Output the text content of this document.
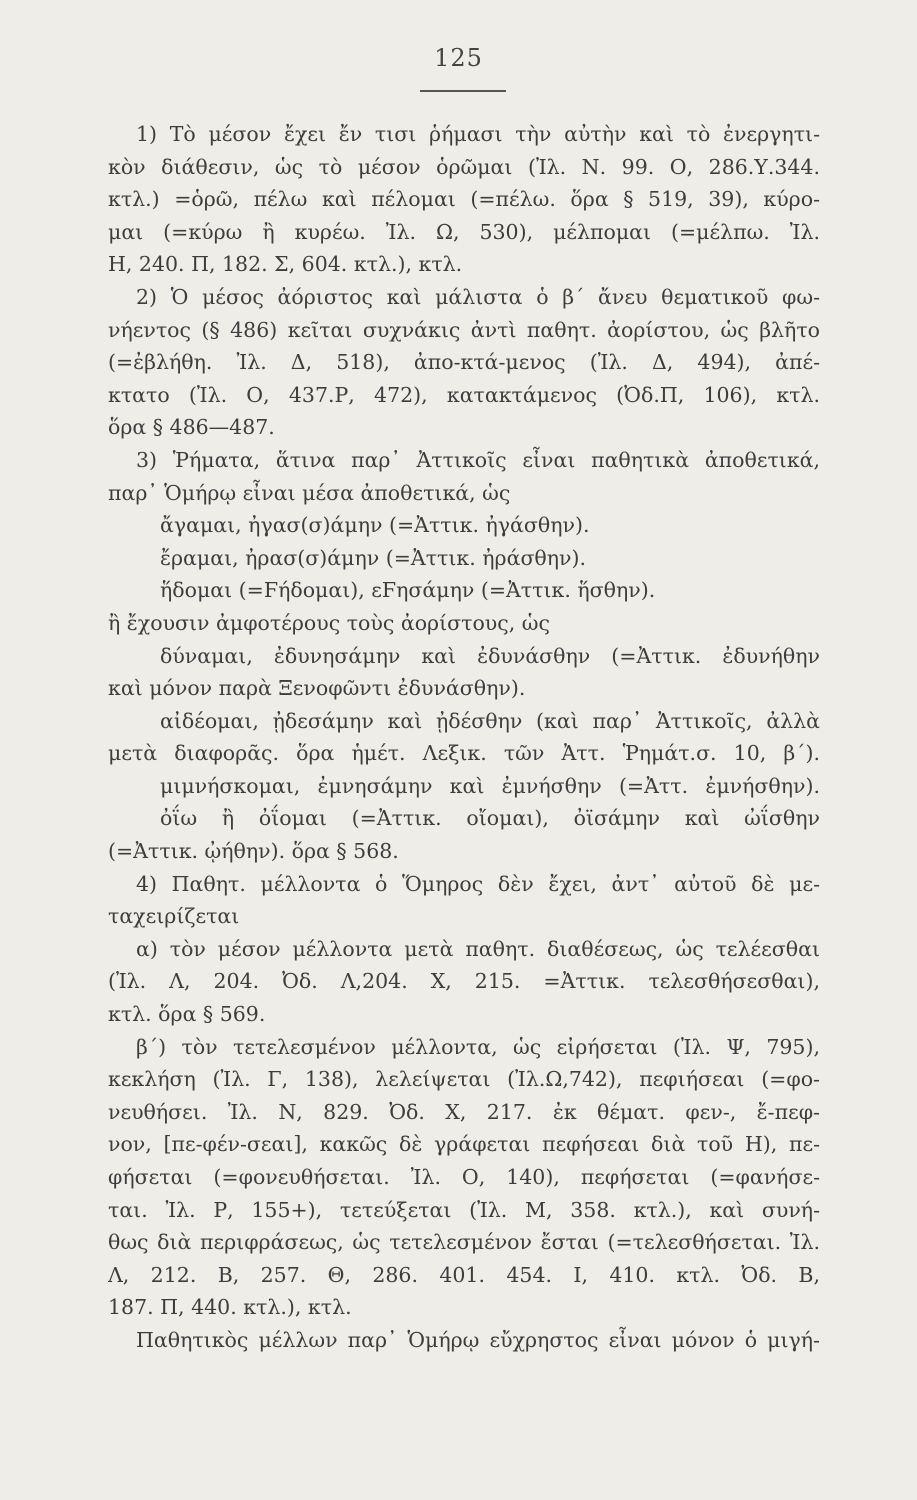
125
1) Τὸ μέσον ἔχει ἔν τισι ῥήμασι τὴν αὐτὴν καὶ τὸ ἐνεργητι-
κὸν διάθεσιν, ὡς τὸ μέσον ὁρῶμαι (Ἰλ. Ν. 99. Ο, 286.Υ.344.
κτλ.) =ὁρῶ, πέλω καὶ πέλομαι (=πέλω. ὅρα § 519, 39), κύρο-
μαι (=κύρω ἢ κυρέω. Ἰλ. Ω, 530), μέλπομαι (=μέλπω. Ἰλ.
Η, 240. Π, 182. Σ, 604. κτλ.), κτλ.
2) Ὁ μέσος ἀόριστος καὶ μάλιστα ὁ β´ ἄνευ θεματικοῦ φω-
νήεντος (§ 486) κεῖται συχνάκις ἀντὶ παθητ. ἀορίστου, ὡς βλῆτο
(=ἐβλήθη. Ἰλ. Δ, 518), ἀπο-κτά-μενος (Ἰλ. Δ, 494), ἀπέ-
κτατο (Ἰλ. Ο, 437.Ρ, 472), κατακτάμενος (Ὀδ.Π, 106), κτλ.
ὅρα § 486—487.
3) Ῥήματα, ἅτινα παρ᾽ Ἀττικοῖς εἶναι παθητικὰ ἀποθετικά,
παρ᾽ Ὁμήρῳ εἶναι μέσα ἀποθετικά, ὡς
ἄγαμαι, ἠγασ(σ)άμην (=Ἀττικ. ἠγάσθην).
ἔραμαι, ἠρασ(σ)άμην (=Ἀττικ. ἠράσθην).
ἥδομαι (=Ϝήδομαι), εϜησάμην (=Ἀττικ. ἥσθην).
ἢ ἔχουσιν ἀμφοτέρους τοὺς ἀορίστους, ὡς
δύναμαι, ἐδυνησάμην καὶ ἐδυνάσθην (=Ἀττικ. ἐδυνήθην
καὶ μόνον παρὰ Ξενοφῶντι ἐδυνάσθην).
αἰδέομαι, ᾐδεσάμην καὶ ᾐδέσθην (καὶ παρ᾽ Ἀττικοῖς, ἀλλὰ
μετὰ διαφορᾶς. ὅρα ἡμέτ. Λεξικ. τῶν Ἀττ. Ῥημάτ.σ. 10, β´).
μιμνήσκομαι, ἐμνησάμην καὶ ἐμνήσθην (=Ἀττ. ἐμνήσθην).
ὀΐω ἢ ὀΐομαι (=Ἀττικ. οἴομαι), ὀϊσάμην καὶ ὠΐσθην
(=Ἀττικ. ᾠήθην). ὅρα § 568.
4) Παθητ. μέλλοντα ὁ Ὅμηρος δὲν ἔχει, ἀντ᾽ αὐτοῦ δὲ με-
ταχειρίζεται
α) τὸν μέσον μέλλοντα μετὰ παθητ. διαθέσεως, ὡς τελέεσθαι
(Ἰλ. Λ, 204. Ὀδ. Λ,204. Χ, 215. =Ἀττικ. τελεσθήσεσθαι),
κτλ. ὅρα § 569.
β´) τὸν τετελεσμένον μέλλοντα, ὡς εἰρήσεται (Ἰλ. Ψ, 795),
κεκλήση (Ἰλ. Γ, 138), λελείψεται (Ἰλ.Ω,742), πεφιήσεαι (=φο-
νευθήσει. Ἰλ. Ν, 829. Ὀδ. Χ, 217. ἐκ θέματ. φεν-, ἔ-πεφ-
νον, [πε-φέν-σεαι], κακῶς δὲ γράφεται πεφήσεαι διὰ τοῦ Η), πε-
φήσεται (=φονευθήσεται. Ἰλ. Ο, 140), πεφήσεται (=φανήσε-
ται. Ἰλ. Ρ, 155+), τετεύξεται (Ἰλ. Μ, 358. κτλ.), καὶ συνή-
θως διὰ περιφράσεως, ὡς τετελεσμένον ἔσται (=τελεσθήσεται. Ἰλ.
Λ, 212. Β, 257. Θ, 286. 401. 454. Ι, 410. κτλ. Ὀδ. Β,
187. Π, 440. κτλ.), κτλ.
Παθητικὸς μέλλων παρ᾽ Ὁμήρῳ εὔχρηστος εἶναι μόνον ὁ μιγή-
